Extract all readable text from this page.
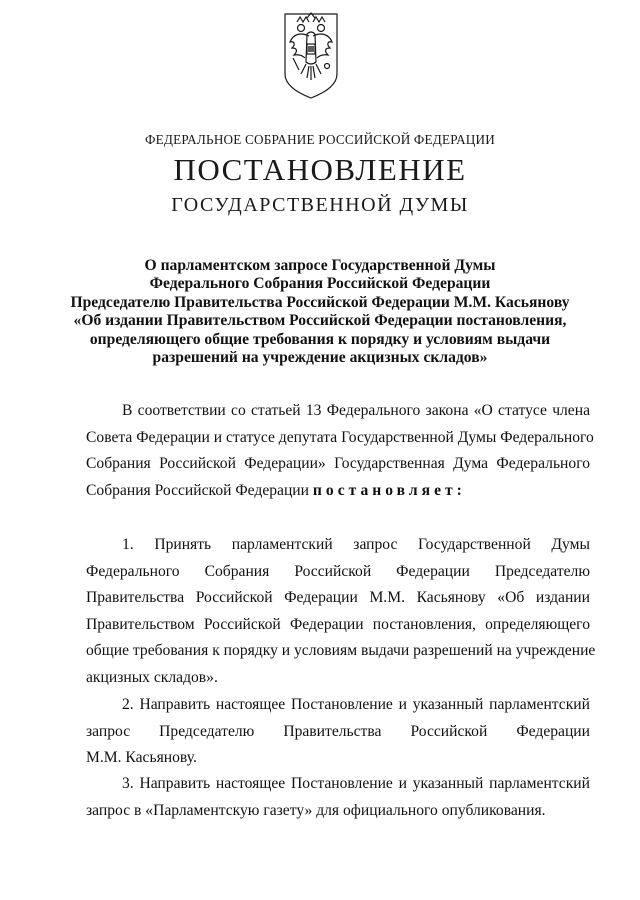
ФЕДЕРАЛЬНОЕ СОБРАНИЕ РОССИЙСКОЙ ФЕДЕРАЦИИ
ПОСТАНОВЛЕНИЕ
ГОСУДАРСТВЕННОЙ ДУМЫ
О парламентском запросе Государственной Думы
Федерального Собрания Российской Федерации
Председателю Правительства Российской Федерации М.М. Касьянову
«Об издании Правительством Российской Федерации постановления,
определяющего общие требования к порядку и условиям выдачи
разрешений на учреждение акцизных складов»
В соответствии со статьей 13 Федерального закона «О статусе члена
Совета Федерации и статусе депутата Государственной Думы Федерального
Собрания Российской Федерации» Государственная Дума Федерального
Собрания Российской Федерации постановляет:
1. Принять парламентский запрос Государственной Думы
Федерального Собрания Российской Федерации Председателю
Правительства Российской Федерации М.М. Касьянову «Об издании
Правительством Российской Федерации постановления, определяющего
общие требования к порядку и условиям выдачи разрешений на учреждение
акцизных складов».
2. Направить настоящее Постановление и указанный парламентский
запрос Председателю Правительства Российской Федерации
М.М. Касьянову.
3. Направить настоящее Постановление и указанный парламентский
запрос в «Парламентскую газету» для официального опубликования.
